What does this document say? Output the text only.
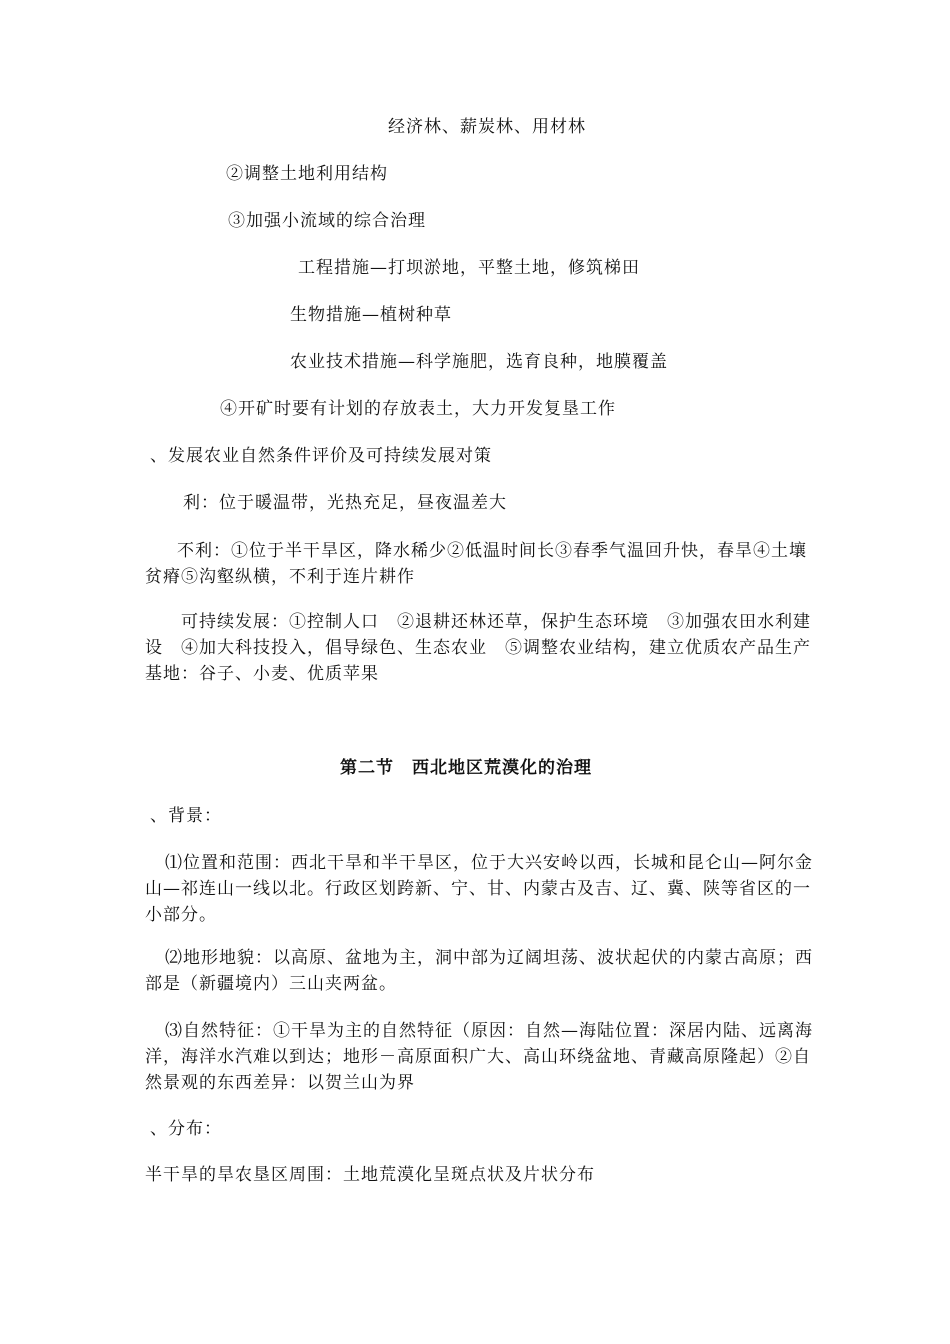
经济林、薪炭林、用材林
②调整土地利用结构
③加强小流域的综合治理
工程措施—打坝淤地，平整土地，修筑梯田
生物措施—植树种草
农业技术措施—科学施肥，选育良种，地膜覆盖
④开矿时要有计划的存放表土，大力开发复垦工作
、发展农业自然条件评价及可持续发展对策
利：位于暖温带，光热充足，昼夜温差大
不利：①位于半干旱区，降水稀少②低温时间长③春季气温回升快，春旱④土壤贫瘠⑤沟壑纵横，不利于连片耕作
可持续发展：①控制人口　②退耕还林还草，保护生态环境　③加强农田水利建设　④加大科技投入，倡导绿色、生态农业　⑤调整农业结构，建立优质农产品生产基地：谷子、小麦、优质苹果
第二节　西北地区荒漠化的治理
、背景：
⑴位置和范围：西北干旱和半干旱区，位于大兴安岭以西，长城和昆仑山—阿尔金山—祁连山一线以北。行政区划跨新、宁、甘、内蒙古及吉、辽、冀、陕等省区的一小部分。
⑵地形地貌：以高原、盆地为主，洞中部为辽阔坦荡、波状起伏的内蒙古高原；西部是（新疆境内）三山夹两盆。
⑶自然特征：①干旱为主的自然特征（原因：自然—海陆位置：深居内陆、远离海洋，海洋水汽难以到达；地形－高原面积广大、高山环绕盆地、青藏高原隆起）②自然景观的东西差异：以贺兰山为界
、分布：
半干旱的旱农垦区周围：土地荒漠化呈斑点状及片状分布
